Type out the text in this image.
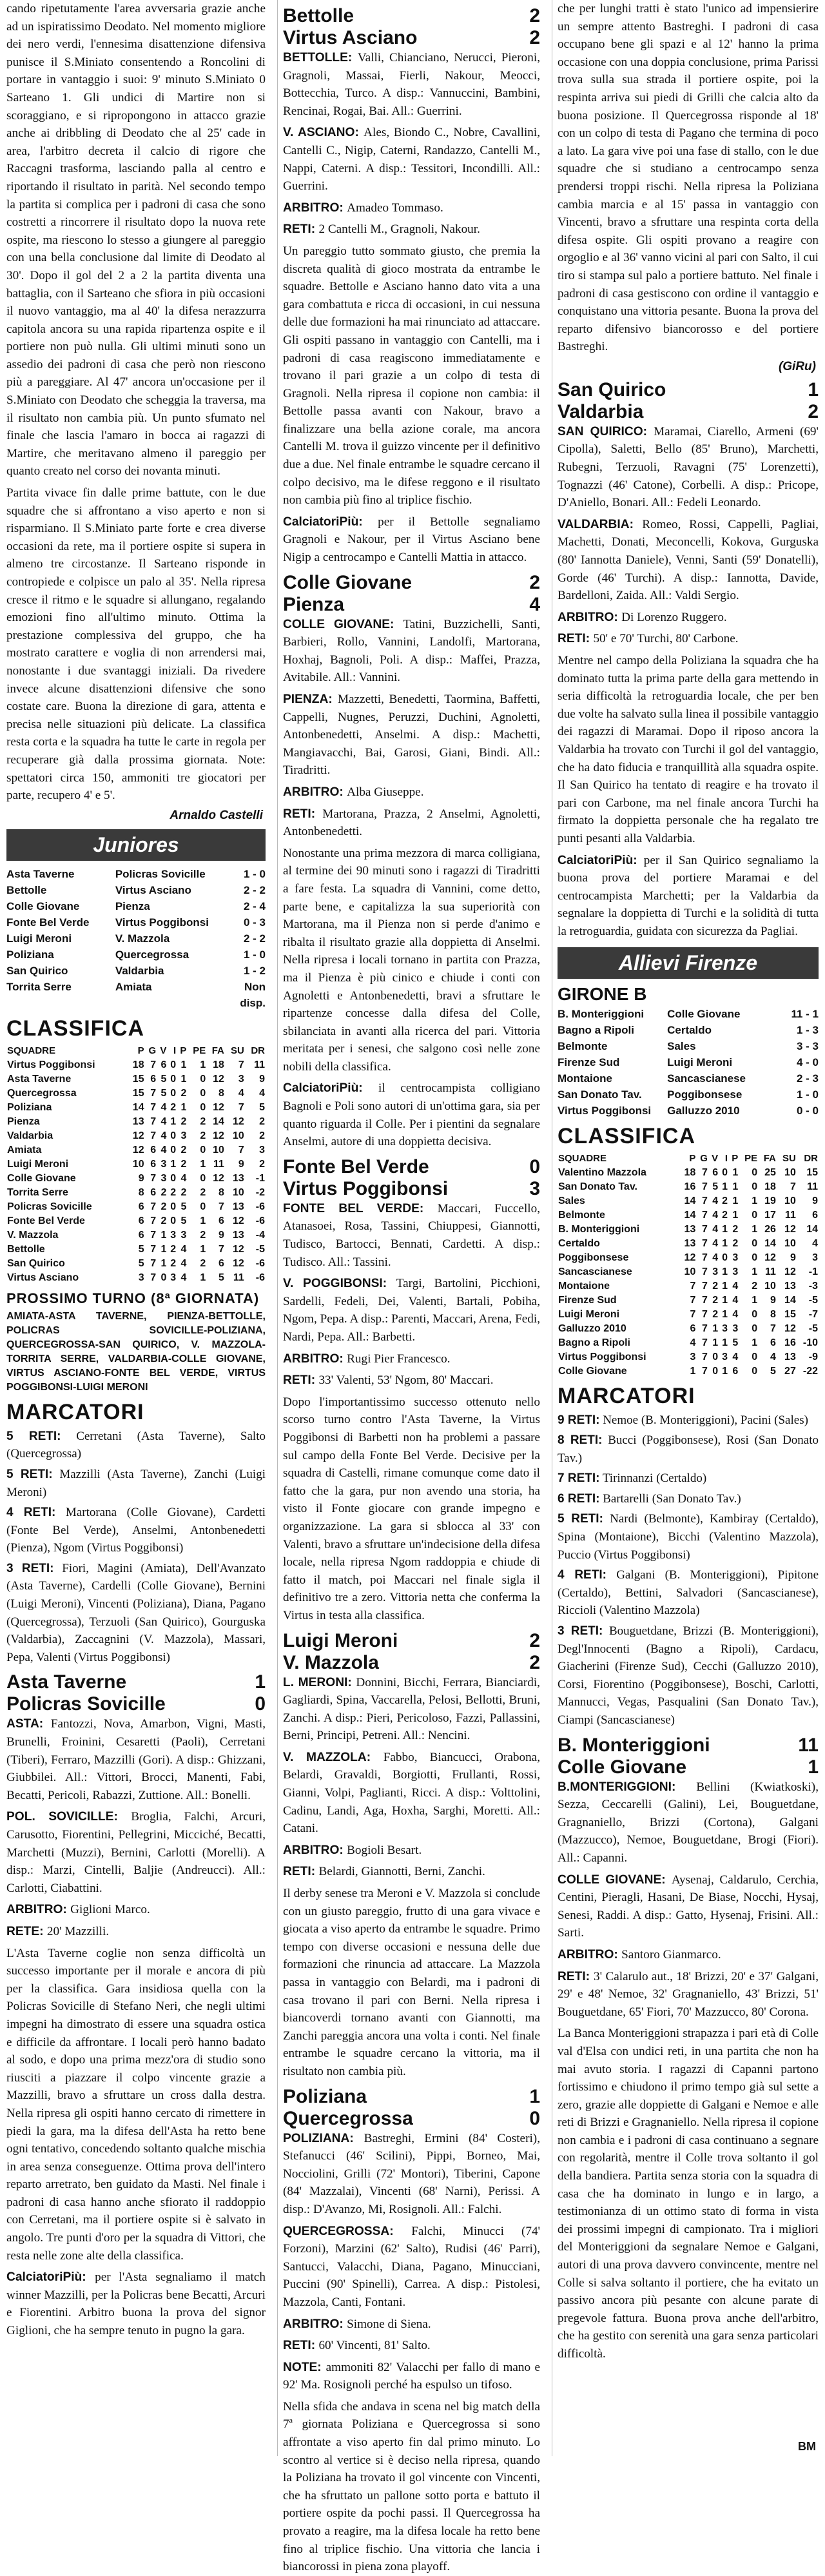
cando ripetutamente l'area avversaria grazie anche ad un ispiratissimo Deodato. Nel momento migliore dei nero verdi, l'ennesima disattenzione difensiva punisce il S.Miniato consentendo a Roncolini di portare in vantaggio i suoi: 9' minuto S.Miniato 0 Sarteano 1. Gli undici di Martire non si scoraggiano, e si ripropongono in attacco grazie anche ai dribbling di Deodato che al 25' cade in area, l'arbitro decreta il calcio di rigore che Raccagni trasforma, lasciando palla al centro e riportando il risultato in parità. Nel secondo tempo la partita si complica per i padroni di casa che sono costretti a rincorrere il risultato dopo la nuova rete ospite, ma riescono lo stesso a giungere al pareggio con una bella conclusione dal limite di Deodato al 30'. Dopo il gol del 2 a 2 la partita diventa una battaglia, con il Sarteano che sfiora in più occasioni il nuovo vantaggio, ma al 40' la difesa nerazzurra capitola ancora su una rapida ripartenza ospite e il portiere non può nulla. Gli ultimi minuti sono un assedio dei padroni di casa che però non riescono più a pareggiare. Al 47' ancora un'occasione per il S.Miniato con Deodato che scheggia la traversa, ma il risultato non cambia più. Un punto sfumato nel finale che lascia l'amaro in bocca ai ragazzi di Martire, che meritavano almeno il pareggio per quanto creato nel corso dei novanta minuti.

Partita vivace fin dalle prime battute, con le due squadre che si affrontano a viso aperto e non si risparmiano. Il S.Miniato parte forte e crea diverse occasioni da rete, ma il portiere ospite si supera in almeno tre circostanze. Il Sarteano risponde in contropiede e colpisce un palo al 35'. Nella ripresa cresce il ritmo e le squadre si allungano, regalando emozioni fino all'ultimo minuto. Ottima la prestazione complessiva del gruppo, che ha mostrato carattere e voglia di non arrendersi mai, nonostante i due svantaggi iniziali. Da rivedere invece alcune disattenzioni difensive che sono costate care. Buona la direzione di gara, attenta e precisa nelle situazioni più delicate. La classifica resta corta e la squadra ha tutte le carte in regola per recuperare già dalla prossima giornata. Note: spettatori circa 150, ammoniti tre giocatori per parte, recupero 4' e 5'.

Arnaldo Castelli
Juniores
Asta Taverne	Policras Sovicille	1 - 0
Bettolle	Virtus Asciano	2 - 2
Colle Giovane	Pienza	2 - 4
Fonte Bel Verde	Virtus Poggibonsi	0 - 3
Luigi Meroni	V. Mazzola	2 - 2
Poliziana	Quercegrossa	1 - 0
San Quirico	Valdarbia	1 - 2
Torrita Serre	Amiata	Non disp.
CLASSIFICA
SQUADRE	P	G	V	I	P	PE	FA	SU	DR
Virtus Poggibonsi	18	7	6	0	1	1	18	7	11
Asta Taverne	15	6	5	0	1	0	12	3	9
Quercegrossa	15	7	5	0	2	0	8	4	4
Poliziana	14	7	4	2	1	0	12	7	5
Pienza	13	7	4	1	2	2	14	12	2
Valdarbia	12	7	4	0	3	2	12	10	2
Amiata	12	6	4	0	2	0	10	7	3
Luigi Meroni	10	6	3	1	2	1	11	9	2
Colle Giovane	9	7	3	0	4	0	12	13	-1
Torrita Serre	8	6	2	2	2	2	8	10	-2
Policras Sovicille	6	7	2	0	5	0	7	13	-6
Fonte Bel Verde	6	7	2	0	5	1	6	12	-6
V. Mazzola	6	7	1	3	3	2	9	13	-4
Bettolle	5	7	1	2	4	1	7	12	-5
San Quirico	5	7	1	2	4	2	6	12	-6
Virtus Asciano	3	7	0	3	4	1	5	11	-6
PROSSIMO TURNO (8ª GIORNATA)

AMIATA-ASTA TAVERNE, PIENZA-BETTOLLE, POLICRAS SOVICILLE-POLIZIANA, QUERCEGROSSA-SAN QUIRICO, V. MAZZOLA-TORRITA SERRE, VALDARBIA-COLLE GIOVANE, VIRTUS ASCIANO-FONTE BEL VERDE, VIRTUS POGGIBONSI-LUIGI MERONI

MARCATORI

5 RETI: Cerretani (Asta Taverne), Salto (Quercegrossa)

5 RETI: Mazzilli (Asta Taverne), Zanchi (Luigi Meroni)

4 RETI: Martorana (Colle Giovane), Cardetti (Fonte Bel Verde), Anselmi, Antonbenedetti (Pienza), Ngom (Virtus Poggibonsi)

3 RETI: Fiori, Magini (Amiata), Dell'Avanzato (Asta Taverne), Cardelli (Colle Giovane), Bernini (Luigi Meroni), Vincenti (Poliziana), Diana, Pagano (Quercegrossa), Terzuoli (San Quirico), Gourguska (Valdarbia), Zaccagnini (V. Mazzola), Massari, Pepa, Valenti (Virtus Poggibonsi)

Asta Taverne	1
Policras Sovicille	0

ASTA: Fantozzi, Nova, Amarbon, Vigni, Masti, Brunelli, Froinini, Cesaretti (Paoli), Cerretani (Tiberi), Ferraro, Mazzilli (Gori). A disp.: Ghizzani, Giubbilei. All.: Vittori, Brocci, Manenti, Fabi, Becatti, Pericoli, Rabazzi, Zuttione. All.: Bonelli.

POL. SOVICILLE: Broglia, Falchi, Arcuri, Carusotto, Fiorentini, Pellegrini, Micciché, Becatti, Marchetti (Muzzi), Bernini, Carlotti (Morelli). A disp.: Marzi, Cintelli, Baljie (Andreucci). All.: Carlotti, Ciabattini.

ARBITRO: Giglioni Marco.

RETE: 20' Mazzilli.

L'Asta Taverne coglie non senza difficoltà un successo importante per il morale e ancora di più per la classifica. Gara insidiosa quella con la Policras Sovicille di Stefano Neri, che negli ultimi impegni ha dimostrato di essere una squadra ostica e difficile da affrontare. I locali però hanno badato al sodo, e dopo una prima mezz'ora di studio sono riusciti a piazzare il colpo vincente grazie a Mazzilli, bravo a sfruttare un cross dalla destra. Nella ripresa gli ospiti hanno cercato di rimettere in piedi la gara, ma la difesa dell'Asta ha retto bene ogni tentativo, concedendo soltanto qualche mischia in area senza conseguenze. Ottima prova dell'intero reparto arretrato, ben guidato da Masti. Nel finale i padroni di casa hanno anche sfiorato il raddoppio con Cerretani, ma il portiere ospite si è salvato in angolo. Tre punti d'oro per la squadra di Vittori, che resta nelle zone alte della classifica.

CalciatoriPiù: per l'Asta segnaliamo il match winner Mazzilli, per la Policras bene Becatti, Arcuri e Fiorentini. Arbitro buona la prova del signor Giglioni, che ha sempre tenuto in pugno la gara.

Bettolle	2
Virtus Asciano	2

BETTOLLE: Valli, Chianciano, Nerucci, Pieroni, Gragnoli, Massai, Fierli, Nakour, Meocci, Bottecchia, Turco. A disp.: Vannuccini, Bambini, Rencinai, Rogai, Bai. All.: Guerrini.

V. ASCIANO: Ales, Biondo C., Nobre, Cavallini, Cantelli C., Nigip, Caterni, Randazzo, Cantelli M., Nappi, Caterni. A disp.: Tessitori, Incondilli. All.: Guerrini.

ARBITRO: Amadeo Tommaso.

RETI: 2 Cantelli M., Gragnoli, Nakour.

Un pareggio tutto sommato giusto, che premia la discreta qualità di gioco mostrata da entrambe le squadre. Bettolle e Asciano hanno dato vita a una gara combattuta e ricca di occasioni, in cui nessuna delle due formazioni ha mai rinunciato ad attaccare. Gli ospiti passano in vantaggio con Cantelli, ma i padroni di casa reagiscono immediatamente e trovano il pari grazie a un colpo di testa di Gragnoli. Nella ripresa il copione non cambia: il Bettolle passa avanti con Nakour, bravo a finalizzare una bella azione corale, ma ancora Cantelli M. trova il guizzo vincente per il definitivo due a due. Nel finale entrambe le squadre cercano il colpo decisivo, ma le difese reggono e il risultato non cambia più fino al triplice fischio.

CalciatoriPiù: per il Bettolle segnaliamo Gragnoli e Nakour, per il Virtus Asciano bene Nigip a centrocampo e Cantelli Mattia in attacco.

Colle Giovane	2
Pienza	4

COLLE GIOVANE: Tatini, Buzzichelli, Santi, Barbieri, Rollo, Vannini, Landolfi, Martorana, Hoxhaj, Bagnoli, Poli. A disp.: Maffei, Prazza, Avitabile. All.: Vannini.

PIENZA: Mazzetti, Benedetti, Taormina, Baffetti, Cappelli, Nugnes, Peruzzi, Duchini, Agnoletti, Antonbenedetti, Anselmi. A disp.: Machetti, Mangiavacchi, Bai, Garosi, Giani, Bindi. All.: Tiradritti.

ARBITRO: Alba Giuseppe.

RETI: Martorana, Prazza, 2 Anselmi, Agnoletti, Antonbenedetti.

Nonostante una prima mezzora di marca colligiana, al termine dei 90 minuti sono i ragazzi di Tiradritti a fare festa. La squadra di Vannini, come detto, parte bene, e capitalizza la sua superiorità con Martorana, ma il Pienza non si perde d'animo e ribalta il risultato grazie alla doppietta di Anselmi. Nella ripresa i locali tornano in partita con Prazza, ma il Pienza è più cinico e chiude i conti con Agnoletti e Antonbenedetti, bravi a sfruttare le ripartenze concesse dalla difesa del Colle, sbilanciata in avanti alla ricerca del pari. Vittoria meritata per i senesi, che salgono così nelle zone nobili della classifica.

CalciatoriPiù: il centrocampista colligiano Bagnoli e Poli sono autori di un'ottima gara, sia per quanto riguarda il Colle. Per i pientini da segnalare Anselmi, autore di una doppietta decisiva.

Fonte Bel Verde	0
Virtus Poggibonsi	3

FONTE BEL VERDE: Maccari, Fuccello, Atanasoei, Rosa, Tassini, Chiuppesi, Giannotti, Tudisco, Bartocci, Bennati, Cardetti. A disp.: Tudisco. All.: Tassini.

V. POGGIBONSI: Targi, Bartolini, Picchioni, Sardelli, Fedeli, Dei, Valenti, Bartali, Pobiha, Ngom, Pepa. A disp.: Parenti, Maccari, Arena, Fedi, Nardi, Pepa. All.: Barbetti.

ARBITRO: Rugi Pier Francesco.

RETI: 33' Valenti, 53' Ngom, 80' Maccari.

Dopo l'importantissimo successo ottenuto nello scorso turno contro l'Asta Taverne, la Virtus Poggibonsi di Barbetti non ha problemi a passare sul campo della Fonte Bel Verde. Decisive per la squadra di Castelli, rimane comunque come dato il fatto che la gara, pur non avendo una storia, ha visto il Fonte giocare con grande impegno e organizzazione. La gara si sblocca al 33' con Valenti, bravo a sfruttare un'indecisione della difesa locale, nella ripresa Ngom raddoppia e chiude di fatto il match, poi Maccari nel finale sigla il definitivo tre a zero. Vittoria netta che conferma la Virtus in testa alla classifica.

Luigi Meroni	2
V. Mazzola	2

L. MERONI: Donnini, Bicchi, Ferrara, Bianciardi, Gagliardi, Spina, Vaccarella, Pelosi, Bellotti, Bruni, Zanchi. A disp.: Pieri, Pericoloso, Fazzi, Pallassini, Berni, Principi, Petreni. All.: Nencini.

V. MAZZOLA: Fabbo, Biancucci, Orabona, Belardi, Gravaldi, Borgiotti, Frullanti, Rossi, Gianni, Volpi, Paglianti, Ricci. A disp.: Volttolini, Cadinu, Landi, Aga, Hoxha, Sarghi, Moretti. All.: Catani.

ARBITRO: Bogioli Besart.

RETI: Belardi, Giannotti, Berni, Zanchi.

Il derby senese tra Meroni e V. Mazzola si conclude con un giusto pareggio, frutto di una gara vivace e giocata a viso aperto da entrambe le squadre. Primo tempo con diverse occasioni e nessuna delle due formazioni che rinuncia ad attaccare. La Mazzola passa in vantaggio con Belardi, ma i padroni di casa trovano il pari con Berni. Nella ripresa i biancoverdi tornano avanti con Giannotti, ma Zanchi pareggia ancora una volta i conti. Nel finale entrambe le squadre cercano la vittoria, ma il risultato non cambia più.

Poliziana	1
Quercegrossa	0

POLIZIANA: Bastreghi, Ermini (84' Costeri), Stefanucci (46' Scilini), Pippi, Borneo, Mai, Nocciolini, Grilli (72' Montori), Tiberini, Capone (84' Mazzalai), Vincenti (68' Narni), Perissi. A disp.: D'Avanzo, Mi, Rosignoli. All.: Falchi.

QUERCEGROSSA: Falchi, Minucci (74' Forzoni), Marzini (62' Salto), Rudisi (46' Parri), Santucci, Valacchi, Diana, Pagano, Minucciani, Puccini (90' Spinelli), Carrea. A disp.: Pistolesi, Mazzola, Canti, Fontani.

ARBITRO: Simone di Siena.

RETI: 60' Vincenti, 81' Salto.

NOTE: ammoniti 82' Valacchi per fallo di mano e 92' Ma. Rosignoli perché ha espulso un tifoso.

Nella sfida che andava in scena nel big match della 7ª giornata Poliziana e Quercegrossa si sono affrontate a viso aperto fin dal primo minuto. Lo scontro al vertice si è deciso nella ripresa, quando la Poliziana ha trovato il gol vincente con Vincenti, che ha sfruttato un pallone sotto porta e battuto il portiere ospite da pochi passi. Il Quercegrossa ha provato a reagire, ma la difesa locale ha retto bene fino al triplice fischio. Una vittoria che lancia i biancorossi in piena zona playoff.

che per lunghi tratti è stato l'unico ad impensierire un sempre attento Bastreghi. I padroni di casa occupano bene gli spazi e al 12' hanno la prima occasione con una doppia conclusione, prima Parissi trova sulla sua strada il portiere ospite, poi la respinta arriva sui piedi di Grilli che calcia alto da buona posizione. Il Quercegrossa risponde al 18' con un colpo di testa di Pagano che termina di poco a lato. La gara vive poi una fase di stallo, con le due squadre che si studiano a centrocampo senza prendersi troppi rischi. Nella ripresa la Poliziana cambia marcia e al 15' passa in vantaggio con Vincenti, bravo a sfruttare una respinta corta della difesa ospite. Gli ospiti provano a reagire con orgoglio e al 36' vanno vicini al pari con Salto, il cui tiro si stampa sul palo a portiere battuto. Nel finale i padroni di casa gestiscono con ordine il vantaggio e conquistano una vittoria pesante. Buona la prova del reparto difensivo biancorosso e del portiere Bastreghi.

(GiRu)
San Quirico	1
Valdarbia	2

SAN QUIRICO: Maramai, Ciarello, Armeni (69' Cipolla), Saletti, Bello (85' Bruno), Marchetti, Rubegni, Terzuoli, Ravagni (75' Lorenzetti), Tognazzi (46' Catone), Corbelli. A disp.: Pricope, D'Aniello, Bonari. All.: Fedeli Leonardo.

VALDARBIA: Romeo, Rossi, Cappelli, Pagliai, Machetti, Donati, Meconcelli, Kokova, Gurguska (80' Iannotta Daniele), Venni, Santi (59' Donatelli), Gorde (46' Turchi). A disp.: Iannotta, Davide, Bardelloni, Zaida. All.: Valdi Sergio.

ARBITRO: Di Lorenzo Ruggero.

RETI: 50' e 70' Turchi, 80' Carbone.

Mentre nel campo della Poliziana la squadra che ha dominato tutta la prima parte della gara mettendo in seria difficoltà la retroguardia locale, che per ben due volte ha salvato sulla linea il possibile vantaggio dei ragazzi di Maramai. Dopo il riposo ancora la Valdarbia ha trovato con Turchi il gol del vantaggio, che ha dato fiducia e tranquillità alla squadra ospite. Il San Quirico ha tentato di reagire e ha trovato il pari con Carbone, ma nel finale ancora Turchi ha firmato la doppietta personale che ha regalato tre punti pesanti alla Valdarbia.

CalciatoriPiù: per il San Quirico segnaliamo la buona prova del portiere Maramai e del centrocampista Marchetti; per la Valdarbia da segnalare la doppietta di Turchi e la solidità di tutta la retroguardia, guidata con sicurezza da Pagliai.

Allievi Firenze
GIRONE B
B. Monteriggioni	Colle Giovane	11 - 1
Bagno a Ripoli	Certaldo	1 - 3
Belmonte	Sales	3 - 3
Firenze Sud	Luigi Meroni	4 - 0
Montaione	Sancascianese	2 - 3
San Donato Tav.	Poggibonsese	1 - 0
Virtus Poggibonsi	Galluzzo 2010	0 - 0
CLASSIFICA
SQUADRE	P	G	V	I	P	PE	FA	SU	DR
Valentino Mazzola	18	7	6	0	1	0	25	10	15
San Donato Tav.	16	7	5	1	1	0	18	7	11
Sales	14	7	4	2	1	1	19	10	9
Belmonte	14	7	4	2	1	0	17	11	6
B. Monteriggioni	13	7	4	1	2	1	26	12	14
Certaldo	13	7	4	1	2	0	14	10	4
Poggibonsese	12	7	4	0	3	0	12	9	3
Sancascianese	10	7	3	1	3	1	11	12	-1
Montaione	7	7	2	1	4	2	10	13	-3
Firenze Sud	7	7	2	1	4	1	9	14	-5
Luigi Meroni	7	7	2	1	4	0	8	15	-7
Galluzzo 2010	6	7	1	3	3	0	7	12	-5
Bagno a Ripoli	4	7	1	1	5	1	6	16	-10
Virtus Poggibonsi	3	7	0	3	4	0	4	13	-9
Colle Giovane	1	7	0	1	6	0	5	27	-22
MARCATORI

9 RETI: Nemoe (B. Monteriggioni), Pacini (Sales)

8 RETI: Bucci (Poggibonsese), Rosi (San Donato Tav.)

7 RETI: Tirinnanzi (Certaldo)

6 RETI: Bartarelli (San Donato Tav.)

5 RETI: Nardi (Belmonte), Kambiray (Certaldo), Spina (Montaione), Bicchi (Valentino Mazzola), Puccio (Virtus Poggibonsi)

4 RETI: Galgani (B. Monteriggioni), Pipitone (Certaldo), Bettini, Salvadori (Sancascianese), Riccioli (Valentino Mazzola)

3 RETI: Bouguetdane, Brizzi (B. Monteriggioni), Degl'Innocenti (Bagno a Ripoli), Cardacu, Giacherini (Firenze Sud), Cecchi (Galluzzo 2010), Corsi, Fiorentino (Poggibonsese), Boschi, Carlotti, Mannucci, Vegas, Pasqualini (San Donato Tav.), Ciampi (Sancascianese)

B. Monteriggioni	11
Colle Giovane	1

B.MONTERIGGIONI: Bellini (Kwiatkoski), Sezza, Ceccarelli (Galini), Lei, Bouguetdane, Gragnaniello, Brizzi (Cortona), Galgani (Mazzucco), Nemoe, Bouguetdane, Brogi (Fiori). All.: Capanni.

COLLE GIOVANE: Aysenaj, Caldarulo, Cerchia, Centini, Pieragli, Hasani, De Biase, Nocchi, Hysaj, Senesi, Raddi. A disp.: Gatto, Hysenaj, Frisini. All.: Sarti.

ARBITRO: Santoro Gianmarco.

RETI: 3' Calarulo aut., 18' Brizzi, 20' e 37' Galgani, 29' e 48' Nemoe, 32' Gragnaniello, 43' Brizzi, 51' Bouguetdane, 65' Fiori, 70' Mazzucco, 80' Corona.

La Banca Monteriggioni strapazza i pari età di Colle val d'Elsa con undici reti, in una partita che non ha mai avuto storia. I ragazzi di Capanni partono fortissimo e chiudono il primo tempo già sul sette a zero, grazie alle doppiette di Galgani e Nemoe e alle reti di Brizzi e Gragnaniello. Nella ripresa il copione non cambia e i padroni di casa continuano a segnare con regolarità, mentre il Colle trova soltanto il gol della bandiera. Partita senza storia con la squadra di casa che ha dominato in lungo e in largo, a testimonianza di un ottimo stato di forma in vista dei prossimi impegni di campionato. Tra i migliori del Monteriggioni da segnalare Nemoe e Galgani, autori di una prova davvero convincente, mentre nel Colle si salva soltanto il portiere, che ha evitato un passivo ancora più pesante con alcune parate di pregevole fattura. Buona prova anche dell'arbitro, che ha gestito con serenità una gara senza particolari difficoltà.

BM
